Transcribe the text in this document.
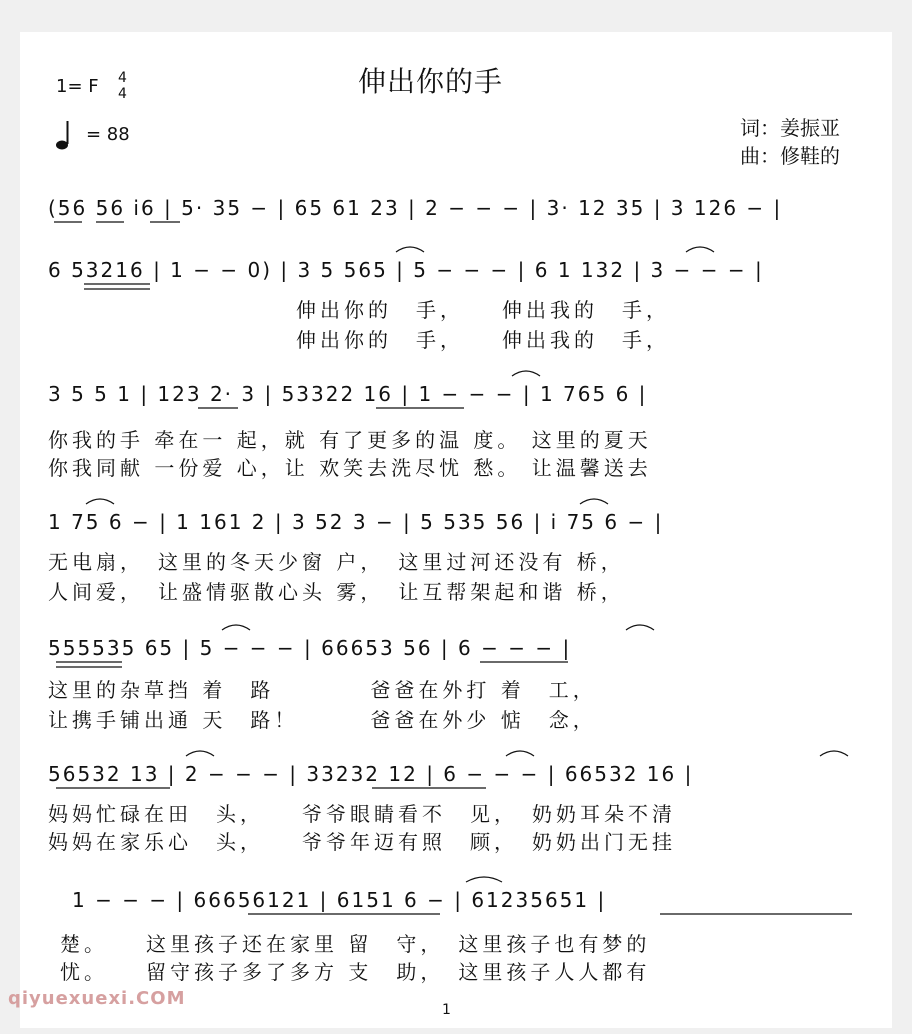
伸出你的手
1= F 4
4
= 88	词：姜振亚
曲：修鞋的
(56 56 i6 | 5· 35 − | 65 61 23 | 2 − − − | 3· 12 35 | 3 126 − |
6 53216 | 1 − − 0) | 3 5 565 | 5 − − − | 6 1 132 | 3 − − − |
伸出你的　手，　　伸出我的　手，
伸出你的　手，　　伸出我的　手，
3 5 5 1 | 123 2· 3 | 53322 16 | 1 − − − | 1 765 6 |
你我的手 牵在一 起，就 有了更多的温 度。 这里的夏天
你我同献 一份爱 心，让 欢笑去洗尽忧 愁。 让温馨送去
1 75 6 − | 1 161 2 | 3 52 3 − | 5 535 56 | i 75 6 − |
无电扇，　这里的冬天少窗 户，　这里过河还没有 桥，
人间爱，　让盛情驱散心头 雾，　让互帮架起和谐 桥，
555535 65 | 5 − − − | 66653 56 | 6 − − − |
这里的杂草挡 着　路　　　　爸爸在外打 着　工，
让携手铺出通 天　路！　　　爸爸在外少 惦　念，
56532 13 | 2 − − − | 33232 12 | 6 − − − | 66532 16 |
妈妈忙碌在田　头，　　爷爷眼睛看不　见，　奶奶耳朵不清
妈妈在家乐心　头，　　爷爷年迈有照　顾，　奶奶出门无挂
1 − − − | 66656121 | 6151 6 − | 61235651 |
楚。　　这里孩子还在家里 留　守，　这里孩子也有梦的
忧。　　留守孩子多了多方 支　助，　这里孩子人人都有
qiyuexuexi.COM
1
